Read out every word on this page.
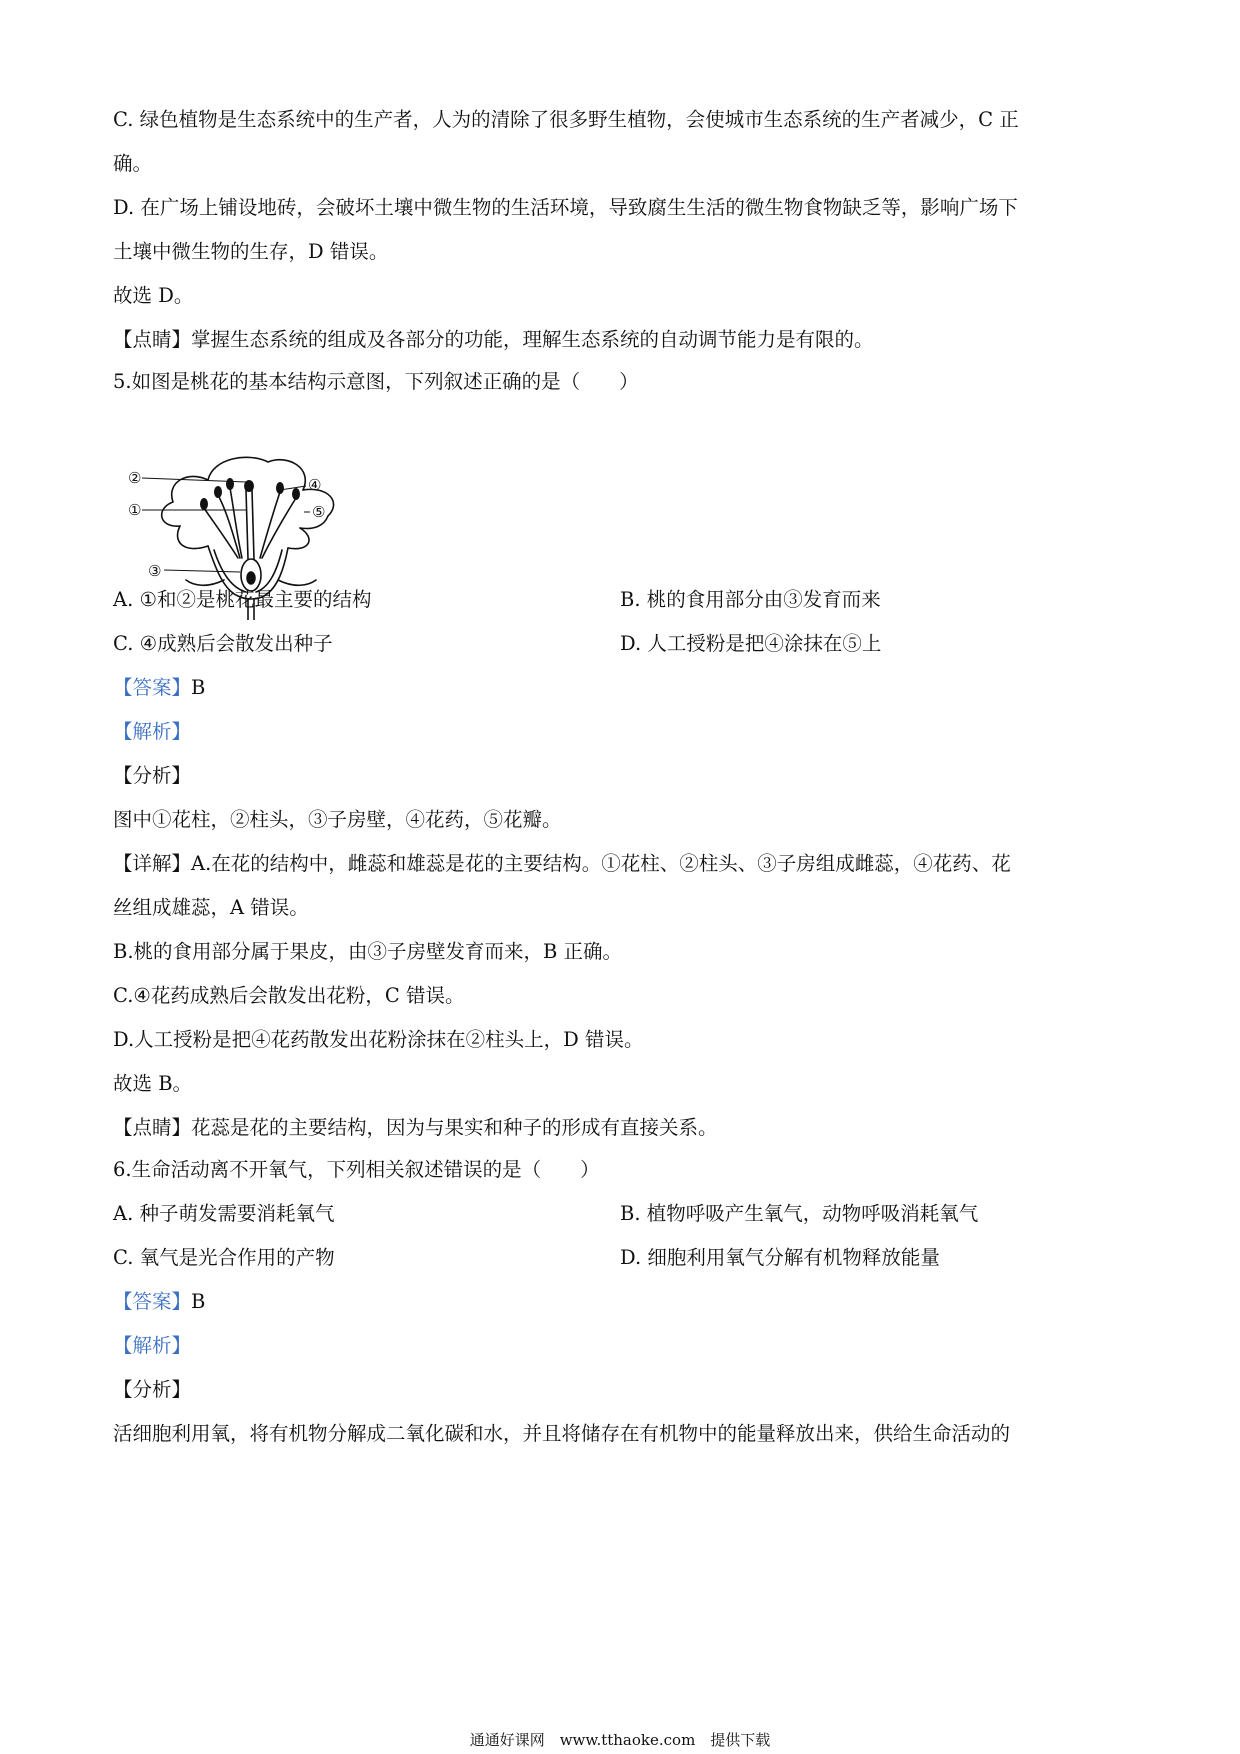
C. 绿色植物是生态系统中的生产者，人为的清除了很多野生植物，会使城市生态系统的生产者减少，C 正
确。
D. 在广场上铺设地砖，会破坏土壤中微生物的生活环境，导致腐生生活的微生物食物缺乏等，影响广场下
土壤中微生物的生存，D 错误。
故选 D。
【点睛】掌握生态系统的组成及各部分的功能，理解生态系统的自动调节能力是有限的。
5.如图是桃花的基本结构示意图，下列叙述正确的是（　　）
②
①
③
④
⑤
A. ①和②是桃花最主要的结构	B. 桃的食用部分由③发育而来
C. ④成熟后会散发出种子	D. 人工授粉是把④涂抹在⑤上
【答案】B
【解析】
【分析】
图中①花柱，②柱头，③子房壁，④花药，⑤花瓣。
【详解】A.在花的结构中，雌蕊和雄蕊是花的主要结构。①花柱、②柱头、③子房组成雌蕊，④花药、花
丝组成雄蕊，A 错误。
B.桃的食用部分属于果皮，由③子房壁发育而来，B 正确。
C.④花药成熟后会散发出花粉，C 错误。
D.人工授粉是把④花药散发出花粉涂抹在②柱头上，D 错误。
故选 B。
【点睛】花蕊是花的主要结构，因为与果实和种子的形成有直接关系。
6.生命活动离不开氧气，下列相关叙述错误的是（　　）
A. 种子萌发需要消耗氧气	B. 植物呼吸产生氧气，动物呼吸消耗氧气
C. 氧气是光合作用的产物	D. 细胞利用氧气分解有机物释放能量
【答案】B
【解析】
【分析】
活细胞利用氧，将有机物分解成二氧化碳和水，并且将储存在有机物中的能量释放出来，供给生命活动的
通通好课网　www.tthaoke.com　提供下载
